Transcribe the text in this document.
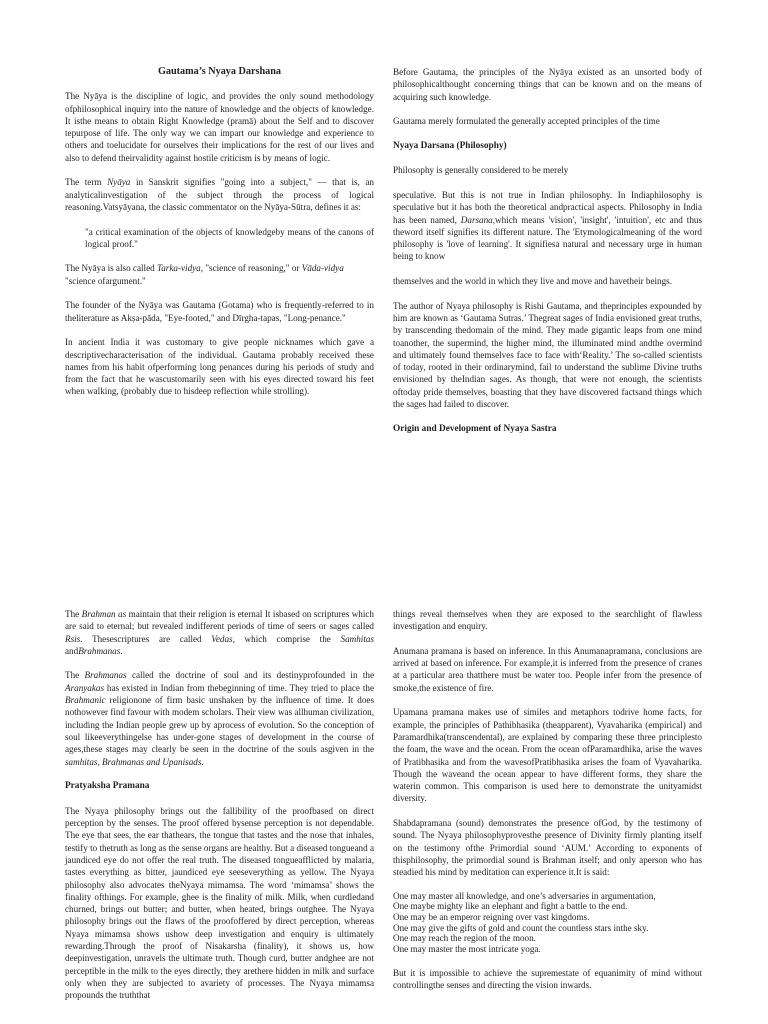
Gautama’s Nyaya Darshana

The Nyāya is the discipline of logic, and provides the only sound methodology ofphilosophical inquiry into the nature of knowledge and the objects of knowledge. It isthe means to obtain Right Knowledge (pramā) about the Self and to discover tepurpose of life. The only way we can impart our knowledge and experience to others and toelucidate for ourselves their implications for the rest of our lives and also to defend theirvalidity against hostile criticism is by means of logic.

The term Nyāya in Sanskrit signifies "going into a subject," — that is, an analyticalinvestigation of the subject through the process of logical reasoning.Vatsyāyana, the classic commentator on the Nyāya-Sūtra, defines it as:

"a critical examination of the objects of knowledgeby means of the canons of logical proof."

The Nyāya is also called Tarka-vidya, "science of reasoning," or Vāda-vidya "science ofargument."

The founder of the Nyāya was Gautama (Gotama) who is frequently-referred to in theliterature as Akṣa-pāda, "Eye-footed," and Dīrgha-tapas, "Long-penance."

In ancient India it was customary to give people nicknames which gave a descriptivecharacterisation of the individual. Gautama probably received these names from his habit ofperforming long penances during his periods of study and from the fact that he wascustomarily seen with his eyes directed toward his feet when walking, (probably due to hisdeep reflection while strolling).

Before Gautama, the principles of the Nyāya existed as an unsorted body of philosophicalthought concerning things that can be known and on the means of acquiring such knowledge.

Gautama merely formulated the generally accepted principles of the time

Nyaya Darsana (Philosophy)

Philosophy is generally considered to be merely

speculative. But this is not true in Indian philosophy. In Indiaphilosophy is speculative but it has both the theoretical andpractical aspects. Philosophy in India has been named, Darsana,which means 'vision', 'insight', 'intuition', etc and thus theword itself signifies its different nature. The 'Etymologicalmeaning of the word philosophy is 'love of learning'. It signifiesa natural and necessary urge in human being to know

themselves and the world in which they live and move and havetheir beings.

The author of Nyaya philosophy is Rishi Gautama, and theprinciples expounded by him are known as ‘Gautama Sutras.’ Thegreat sages of India envisioned great truths, by transcending thedomain of the mind. They made gigantic leaps from one mind toanother, the supermind, the higher mind, the illuminated mind andthe overmind and ultimately found themselves face to face with‘Reality.’ The so-called scientists of today, rooted in their ordinarymind, fail to understand the sublime Divine truths envisioned by theIndian sages. As though, that were not enough, the scientists oftoday pride themselves, boasting that they have discovered factsand things which the sages had failed to discover.

Origin and Development of Nyaya Sastra

The Brahman as maintain that their religion is eternal It isbased on scriptures which are said to eternal; but revealed indifferent periods of time of seers or sages called Rsis. Thesescriptures are called Vedas, which comprise the Samhitas andBrahmanas.

The Brahmanas called the doctrine of soul and its destinyprofounded in the Aranyakas has existed in Indian from thebeginning of time. They tried to place the Brahmanic religionone of firm basic unshaken by the influence of time. It does nothowever find favour with modem scholars. Their view was allhuman civilization, including the Indian people grew up by aprocess of evolution. So the conception of soul likeeverythingelse has under-gone stages of development in the course of ages,these stages may clearly be seen in the doctrine of the souls asgiven in the samhitas, Brahmanas and Upanisads.

Pratyaksha Pramana

The Nyaya philosophy brings out the fallibility of the proofbased on direct perception by the senses. The proof offered bysense perception is not dependable. The eye that sees, the ear thathears, the tongue that tastes and the nose that inhales, testify to thetruth as long as the sense organs are healthy. But a diseased tongueand a jaundiced eye do not offer the real truth. The diseased tongueafflicted by malaria, tastes everything as bitter, jaundiced eye seeseverything as yellow. The Nyaya philosophy also advocates theNyaya mimamsa. The word ‘mimamsa’ shows the finality ofthings. For example, ghee is the finality of milk. Milk, when curdledand churned, brings out butter; and butter, when heated, brings outghee. The Nyaya philosophy brings out the flaws of the proofoffered by direct perception, whereas Nyaya mimamsa shows ushow deep investigation and enquiry is ultimately rewarding.Through the proof of Nisakarsha (finality), it shows us, how deepinvestigation, unravels the ultimate truth. Though curd, butter andghee are not perceptible in the milk to the eyes directly, they arethere hidden in milk and surface only when they are subjected to avariety of processes. The Nyaya mimamsa propounds the truththat

things reveal themselves when they are exposed to the searchlight of flawless investigation and enquiry.

Anumana pramana is based on inference. In this Anumanapramana, conclusions are arrived at based on inference. For example,it is inferred from the presence of cranes at a particular area thatthere must be water too. People infer from the presence of smoke,the existence of fire.

Upamana pramana makes use of similes and metaphors todrive home facts, for example, the principles of Pathibhasika (theapparent), Vyavaharika (empirical) and Paramardhika(transcendental), are explained by comparing these three principlesto the foam, the wave and the ocean. From the ocean ofParamardhika, arise the waves of Pratibhasika and from the wavesofPratibhasika arises the foam of Vyavaharika. Though the waveand the ocean appear to have different forms, they share the waterin common. This comparison is used here to demonstrate the unityamidst diversity.

Shabdapramana (sound) demonstrates the presence ofGod, by the testimony of sound. The Nyaya philosophyprovesthe presence of Divinity firmly planting itself on the testimony ofthe Primordial sound ‘AUM.’ According to exponents of thisphilosophy, the primordial sound is Brahman itself; and only aperson who has steadied his mind by meditation can experience it.It is said:

One may master all knowledge, and one’s adversaries in argumentation,
One maybe mighty like an elephant and fight a battle to the end.
One may be an emperor reigning over vast kingdoms.
One may give the gifts of gold and count the countless stars inthe sky.
One may reach the region of the moon.
One may master the most intricate yoga.

But it is impossible to achieve the supremestate of equanimity of mind without controllingthe senses and directing the vision inwards.
